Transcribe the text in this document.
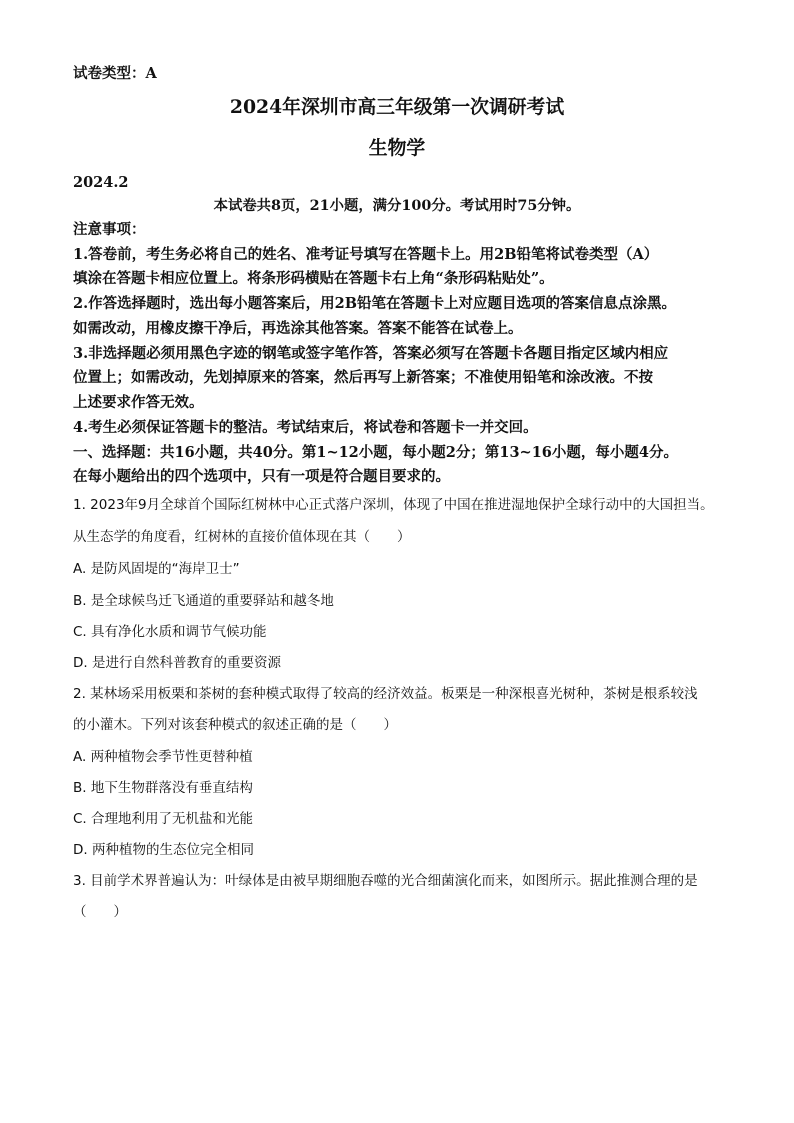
试卷类型：A
2024年深圳市高三年级第一次调研考试
生物学
2024.2
本试卷共8页，21小题，满分100分。考试用时75分钟。
注意事项：
1.答卷前，考生务必将自己的姓名、准考证号填写在答题卡上。用2B铅笔将试卷类型（A）
填涂在答题卡相应位置上。将条形码横贴在答题卡右上角“条形码粘贴处”。
2.作答选择题时，选出每小题答案后，用2B铅笔在答题卡上对应题目选项的答案信息点涂黑。
如需改动，用橡皮擦干净后，再选涂其他答案。答案不能答在试卷上。
3.非选择题必须用黑色字迹的钢笔或签字笔作答，答案必须写在答题卡各题目指定区域内相应
位置上；如需改动，先划掉原来的答案，然后再写上新答案；不准使用铅笔和涂改液。不按
上述要求作答无效。
4.考生必须保证答题卡的整洁。考试结束后，将试卷和答题卡一并交回。
一、选择题：共16小题，共40分。第1~12小题，每小题2分；第13~16小题，每小题4分。
在每小题给出的四个选项中，只有一项是符合题目要求的。
1. 2023年9月全球首个国际红树林中心正式落户深圳，体现了中国在推进湿地保护全球行动中的大国担当。
从生态学的角度看，红树林的直接价值体现在其（　　）
A. 是防风固堤的“海岸卫士”
B. 是全球候鸟迁飞通道的重要驿站和越冬地
C. 具有净化水质和调节气候功能
D. 是进行自然科普教育的重要资源
2. 某林场采用板栗和茶树的套种模式取得了较高的经济效益。板栗是一种深根喜光树种，茶树是根系较浅
的小灌木。下列对该套种模式的叙述正确的是（　　）
A. 两种植物会季节性更替种植
B. 地下生物群落没有垂直结构
C. 合理地利用了无机盐和光能
D. 两种植物的生态位完全相同
3. 目前学术界普遍认为：叶绿体是由被早期细胞吞噬的光合细菌演化而来，如图所示。据此推测合理的是
（　　）
